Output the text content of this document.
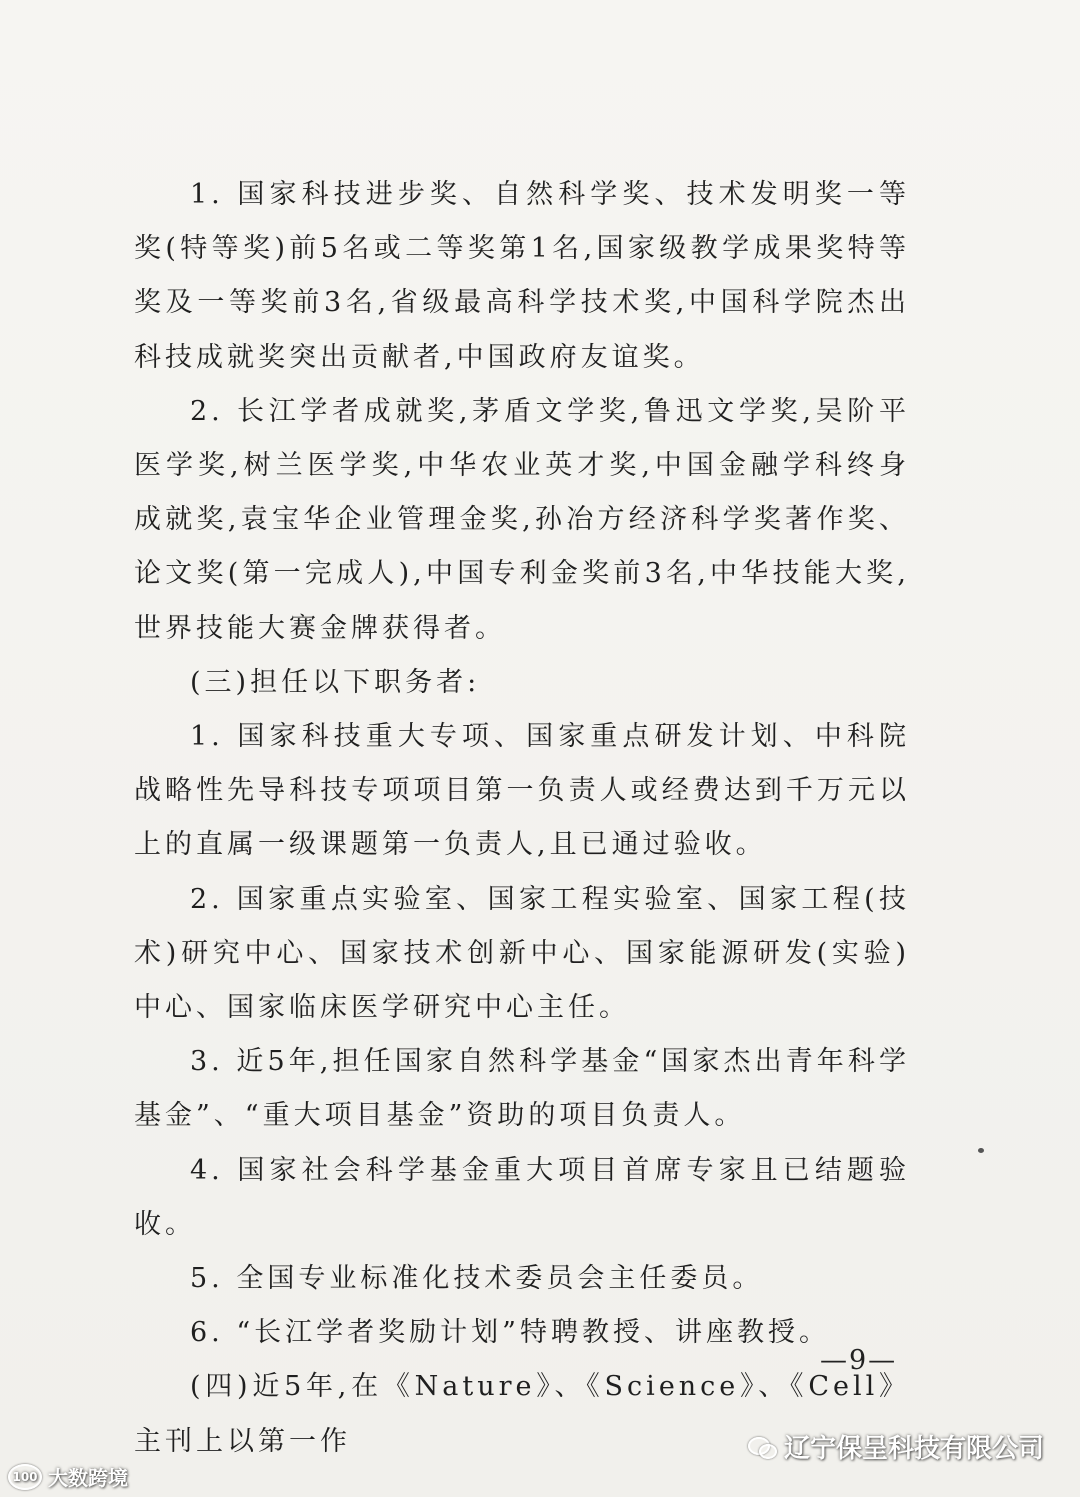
1. 国家科技进步奖、自然科学奖、技术发明奖一等奖(特等奖)前5名或二等奖第1名,国家级教学成果奖特等奖及一等奖前3名,省级最高科学技术奖,中国科学院杰出科技成就奖突出贡献者,中国政府友谊奖。

2. 长江学者成就奖,茅盾文学奖,鲁迅文学奖,吴阶平医学奖,树兰医学奖,中华农业英才奖,中国金融学科终身成就奖,袁宝华企业管理金奖,孙冶方经济科学奖著作奖、论文奖(第一完成人),中国专利金奖前3名,中华技能大奖,世界技能大赛金牌获得者。

(三)担任以下职务者:

1. 国家科技重大专项、国家重点研发计划、中科院战略性先导科技专项项目第一负责人或经费达到千万元以上的直属一级课题第一负责人,且已通过验收。

2. 国家重点实验室、国家工程实验室、国家工程(技术)研究中心、国家技术创新中心、国家能源研发(实验)中心、国家临床医学研究中心主任。

3. 近5年,担任国家自然科学基金“国家杰出青年科学基金”、“重大项目基金”资助的项目负责人。

4. 国家社会科学基金重大项目首席专家且已结题验收。

5. 全国专业标准化技术委员会主任委员。

6. “长江学者奖励计划”特聘教授、讲座教授。

(四)近5年,在《Nature》、《Science》、《Cell》主刊上以第一作

—9—
辽宁保呈科技有限公司
100 大数跨境
